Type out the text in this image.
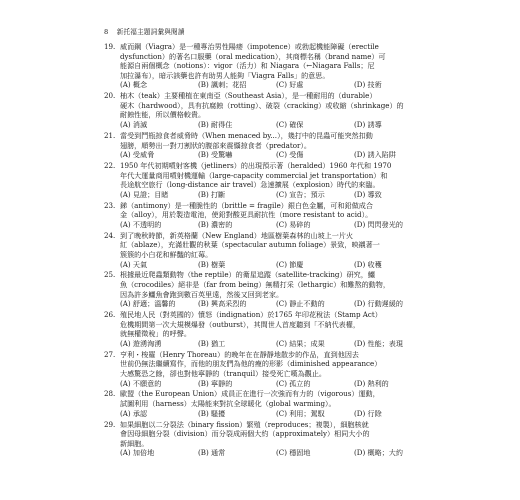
8 新托福主題詞彙與閱讀
19. 威而鋼（Viagra）是一種專治男性陽痿（impotence）或勃起機能障礙（erectile
dysfunction）的著名口服藥（oral medication），其商標名稱（brand name）可
能源自兩個概念（notions）：vigor（活力）和 Niagara（←Niagara Falls；尼
加拉瀑布），暗示該藥也許有助男人能夠「Viagra Falls」的意思。
(A) 概念	(B) 諷刺；花招	(C) 好處	(D) 技術
20. 柚木（teak）主要種植在東南亞（Southeast Asia），是一種耐用的（durable）
硬木（hardwood），具有抗腐蝕（rotting）、破裂（cracking）或收縮（shrinkage）的
耐蝕性能，所以價格較貴。
(A) 消滅	(B) 耐得住	(C) 確保	(D) 誘導
21. 當受到鬥瓶掠食者威脅時（When menaced by...），幾打中的昆蟲可能突然扣動
翅膀，順勢出一對刀割狀的腹部來震懾掠食者（predator）。
(A) 受威脅	(B) 受驚嚇	(C) 受傷	(D) 誘入陷阱
22. 1950 年代初期噴射客機（jetliners）的出現預示著（heralded）1960 年代和 1970
年代大運量商用噴射機運輸（large-capacity commercial jet transportation）和
長途航空旅行（long-distance air travel）急速擴展（explosion）時代的來臨。
(A) 見證；目睹	(B) 打斷	(C) 宣告；預示	(D) 導致
23. 銻（antimony）是一種脆性的（brittle = fragile）銀白色金屬，可和鉛做成合
金（alloy），用於製造電池，使鉛對酸更具耐抗性（more resistant to acid）。
(A) 不透明的	(B) 濃密的	(C) 易碎的	(D) 閃閃發光的
24. 到了晚秋時節，新英格蘭（New England）地區樹葉森林的山坡上一片火
紅（ablaze），充滿壯觀的秋葉（spectacular autumn foliage）景致，映襯著一
簇簇的小白花和鮮豔的紅莓。
(A) 天氣	(B) 樹葉	(C) 節慶	(D) 收穫
25. 根據最近爬蟲類動物（the reptile）的衛星追蹤（satellite-tracking）研究，鱷
魚（crocodiles）絕非是（far from being）無精打采（lethargic）和難熬的動物，
因為許多鱷魚會跑到數百英里遠，然後又回到老家。
(A) 舒適；溫馨的	(B) 興高采烈的	(C) 靜止不動的	(D) 行動遲緩的
26. 殖民地人民（對英國的）憤怒（indignation）於1765 年印花稅法（Stamp Act）
危機期間第一次大規模爆發（outburst），其間世人首度聽到「不納代表權，
就無權徵稅」的呼聲。
(A) 遊湧洶湧	(B) 猶工	(C) 結果；成果	(D) 性能；表現
27. 亨利・梭羅（Henry Thoreau）的晚年在在靜靜地散步的作品，直到他因去
世前仍無法繼續寫作，而他的朋友們為他的瘦的形影（diminished appearance）
大感驚恐之餘，卻也對他寧靜的（tranquil）接受死亡嘆為觀止。
(A) 不願意的	(B) 寧靜的	(C) 孤立的	(D) 熱利的
28. 歐盟（the European Union）成員正在進行一次強而有力的（vigorous）運動，
試圖利用（harness）太陽能來對抗全球暖化（global warming）。
(A) 承認	(B) 騷擾	(C) 利用；駕馭	(D) 行除
29. 如果細胞以二分裂法（binary fission）繁殖（reproduces；複製），細胞核就
會因母細胞分裂（division）而分裂成兩個大約（approximately）相同大小的
新細胞。
(A) 加倍地	(B) 通常	(C) 穩固地	(D) 概略；大約
